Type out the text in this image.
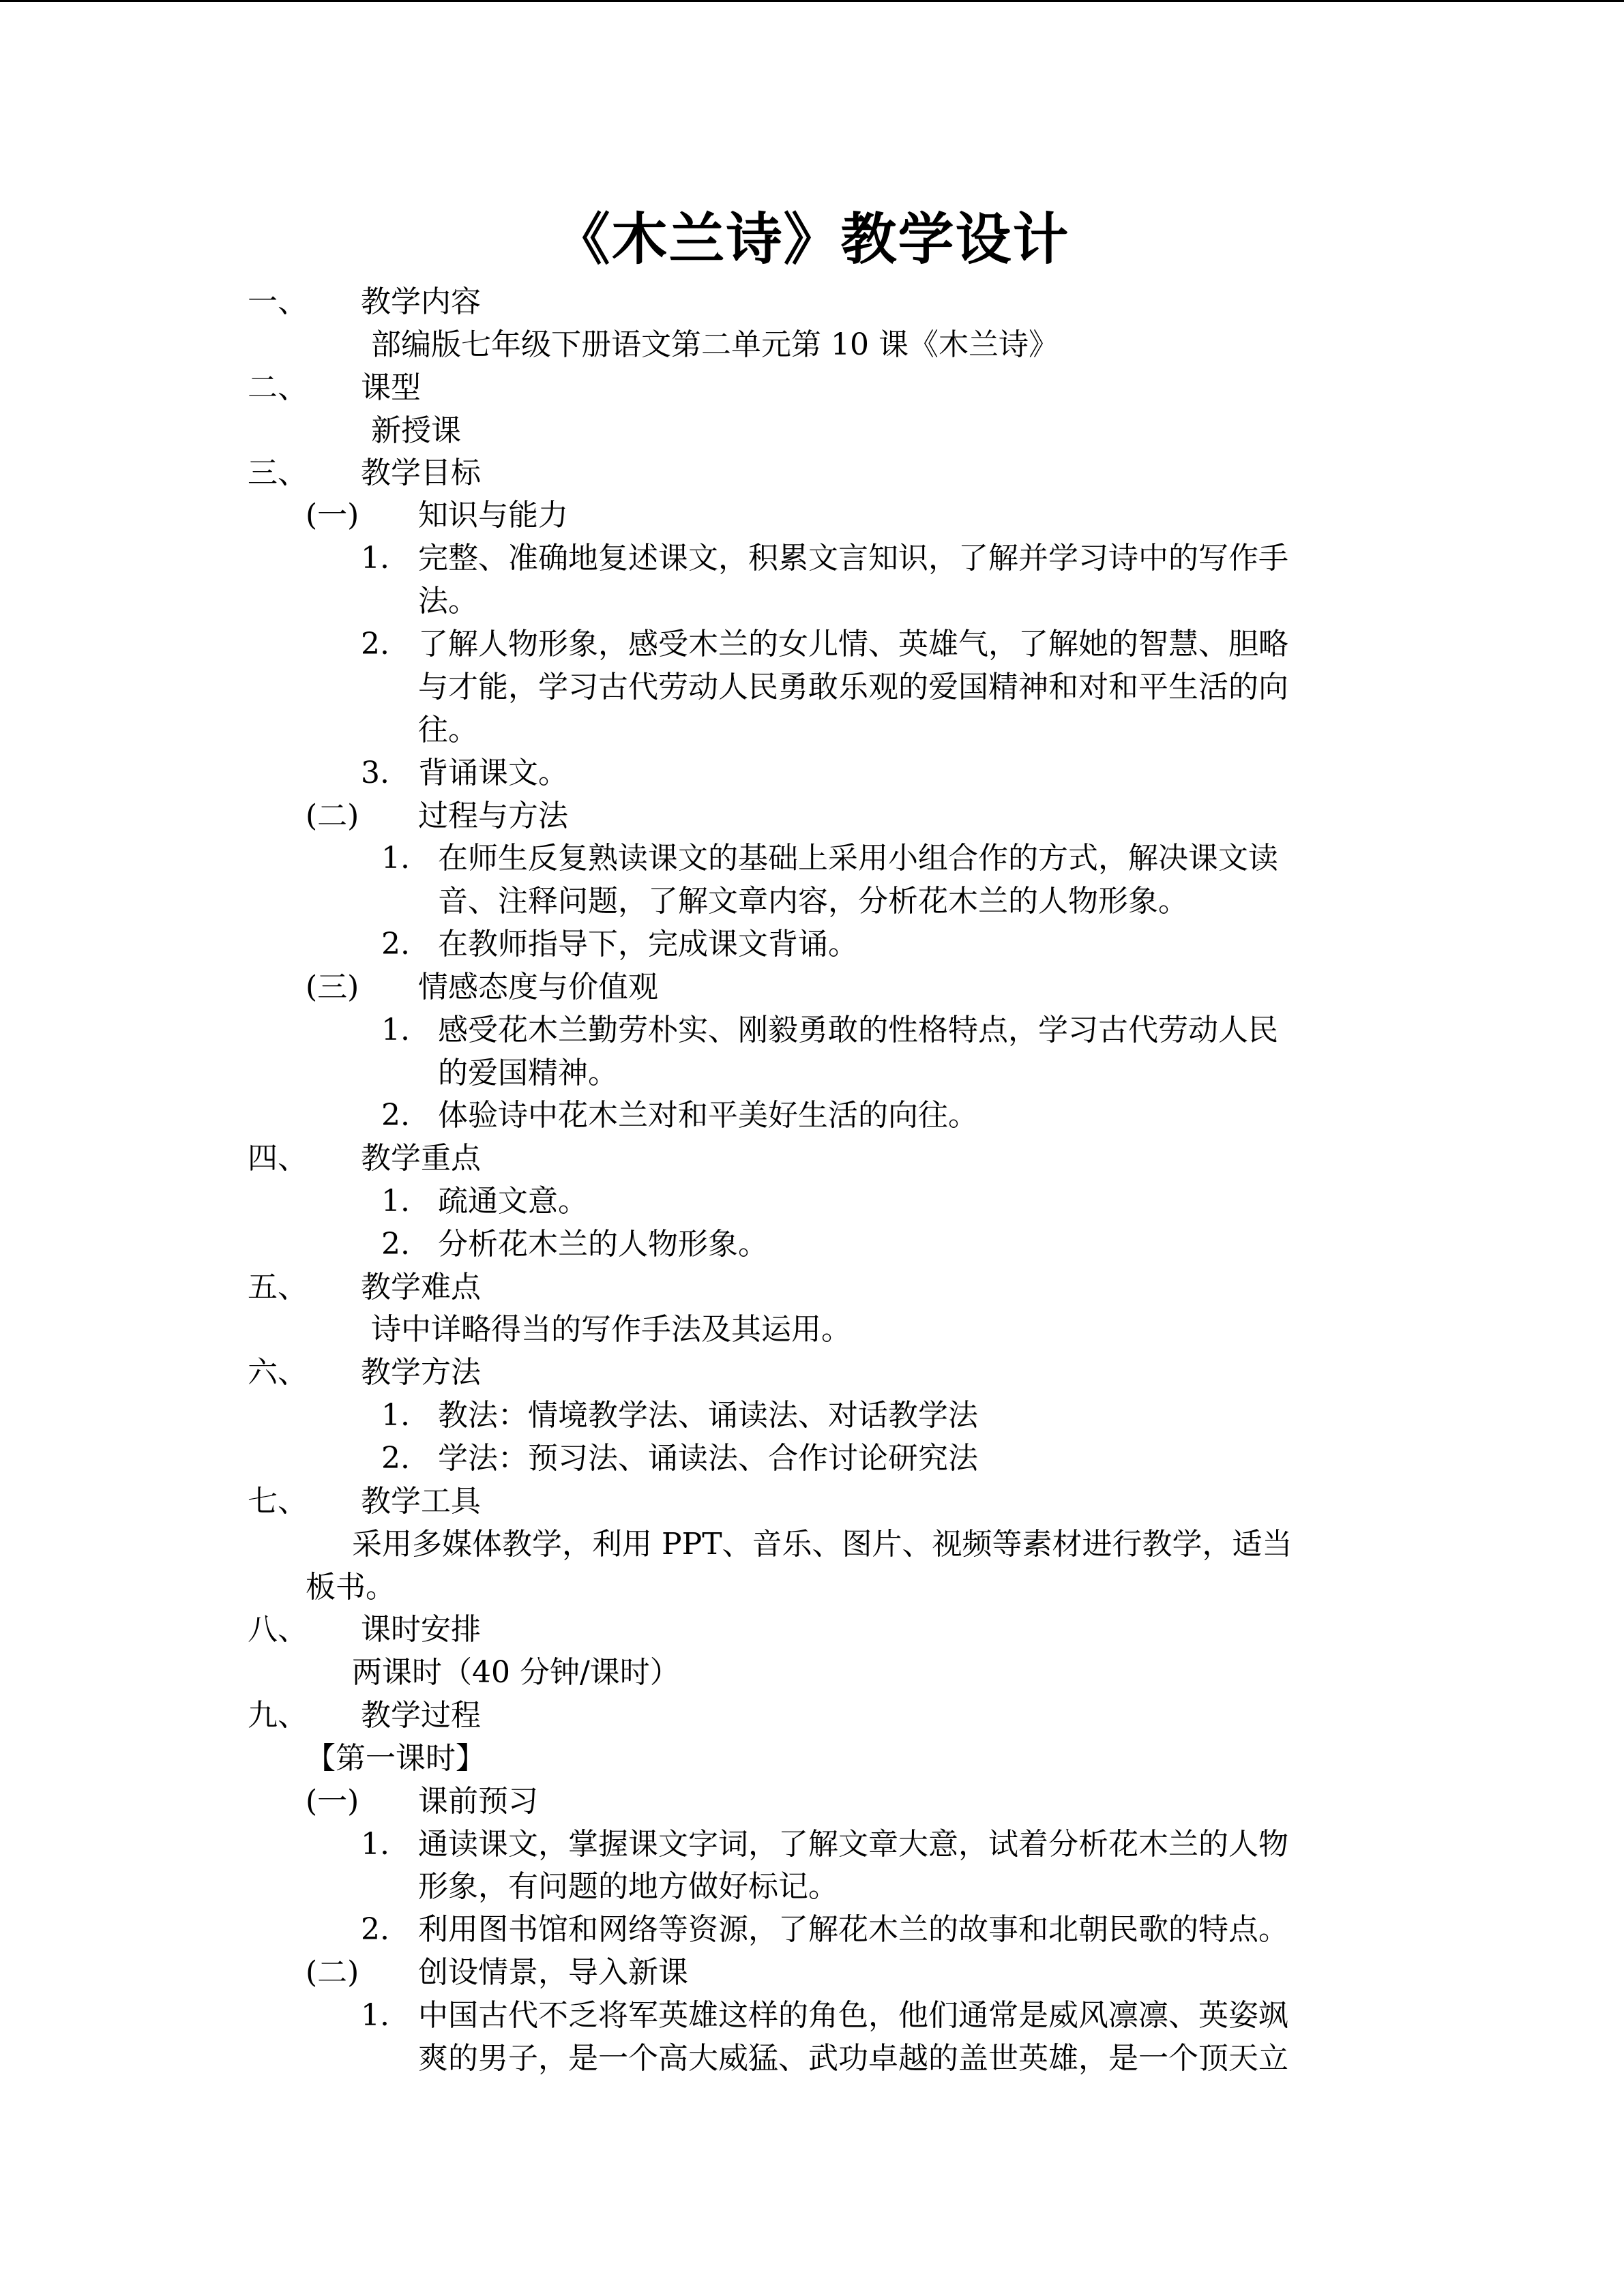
《木兰诗》教学设计
一、 教学内容
部编版七年级下册语文第二单元第 10 课《木兰诗》
二、 课型
新授课
三、 教学目标
(一) 知识与能力
1. 完整、准确地复述课文，积累文言知识，了解并学习诗中的写作手
法。
2. 了解人物形象，感受木兰的女儿情、英雄气，了解她的智慧、胆略
与才能，学习古代劳动人民勇敢乐观的爱国精神和对和平生活的向
往。
3. 背诵课文。
(二) 过程与方法
1. 在师生反复熟读课文的基础上采用小组合作的方式，解决课文读
音、注释问题，了解文章内容，分析花木兰的人物形象。
2. 在教师指导下，完成课文背诵。
(三) 情感态度与价值观
1. 感受花木兰勤劳朴实、刚毅勇敢的性格特点，学习古代劳动人民
的爱国精神。
2. 体验诗中花木兰对和平美好生活的向往。
四、 教学重点
1. 疏通文意。
2. 分析花木兰的人物形象。
五、 教学难点
诗中详略得当的写作手法及其运用。
六、 教学方法
1. 教法：情境教学法、诵读法、对话教学法
2. 学法：预习法、诵读法、合作讨论研究法
七、 教学工具
采用多媒体教学，利用 PPT、音乐、图片、视频等素材进行教学，适当
板书。
八、 课时安排
两课时（40 分钟/课时）
九、 教学过程
【第一课时】
(一) 课前预习
1. 通读课文，掌握课文字词，了解文章大意，试着分析花木兰的人物
形象，有问题的地方做好标记。
2. 利用图书馆和网络等资源，了解花木兰的故事和北朝民歌的特点。
(二) 创设情景，导入新课
1. 中国古代不乏将军英雄这样的角色，他们通常是威风凛凛、英姿飒
爽的男子，是一个高大威猛、武功卓越的盖世英雄，是一个顶天立
